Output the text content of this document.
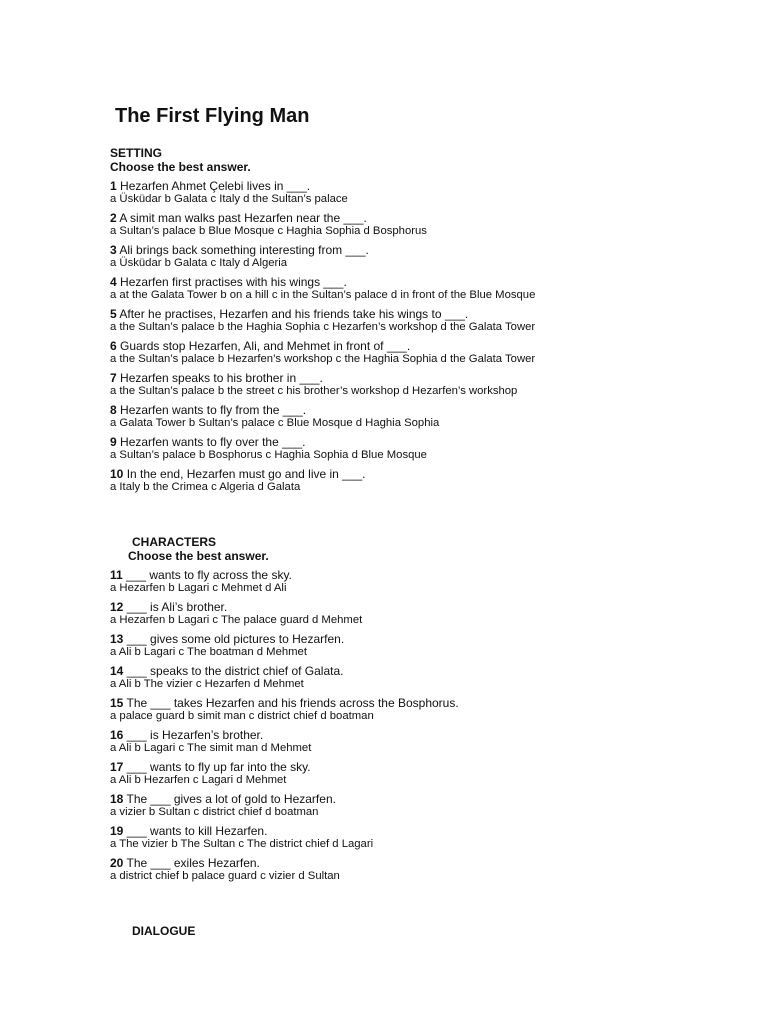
The First Flying Man
SETTING
Choose the best answer.
1 Hezarfen Ahmet Çelebi lives in ___.
a Üsküdar b Galata c Italy d the Sultan’s palace
2 A simit man walks past Hezarfen near the ___.
a Sultan’s palace b Blue Mosque c Haghia Sophia d Bosphorus
3 Ali brings back something interesting from ___.
a Üsküdar b Galata c Italy d Algeria
4 Hezarfen first practises with his wings ___.
a at the Galata Tower b on a hill c in the Sultan’s palace d in front of the Blue Mosque
5 After he practises, Hezarfen and his friends take his wings to ___.
a the Sultan’s palace b the Haghia Sophia c Hezarfen’s workshop d the Galata Tower
6 Guards stop Hezarfen, Ali, and Mehmet in front of ___.
a the Sultan’s palace b Hezarfen’s workshop c the Haghia Sophia d the Galata Tower
7 Hezarfen speaks to his brother in ___.
a the Sultan’s palace b the street c his brother’s workshop d Hezarfen’s workshop
8 Hezarfen wants to fly from the ___.
a Galata Tower b Sultan’s palace c Blue Mosque d Haghia Sophia
9 Hezarfen wants to fly over the ___.
a Sultan’s palace b Bosphorus c Haghia Sophia d Blue Mosque
10 In the end, Hezarfen must go and live in ___.
a Italy b the Crimea c Algeria d Galata
CHARACTERS
Choose the best answer.
11 ___ wants to fly across the sky.
a Hezarfen b Lagari c Mehmet d Ali
12 ___ is Ali’s brother.
a Hezarfen b Lagari c The palace guard d Mehmet
13 ___ gives some old pictures to Hezarfen.
a Ali b Lagari c The boatman d Mehmet
14 ___ speaks to the district chief of Galata.
a Ali b The vizier c Hezarfen d Mehmet
15 The ___ takes Hezarfen and his friends across the Bosphorus.
a palace guard b simit man c district chief d boatman
16 ___ is Hezarfen’s brother.
a Ali b Lagari c The simit man d Mehmet
17 ___ wants to fly up far into the sky.
a Ali b Hezarfen c Lagari d Mehmet
18 The ___ gives a lot of gold to Hezarfen.
a vizier b Sultan c district chief d boatman
19 ___ wants to kill Hezarfen.
a The vizier b The Sultan c The district chief d Lagari
20 The ___ exiles Hezarfen.
a district chief b palace guard c vizier d Sultan
DIALOGUE
